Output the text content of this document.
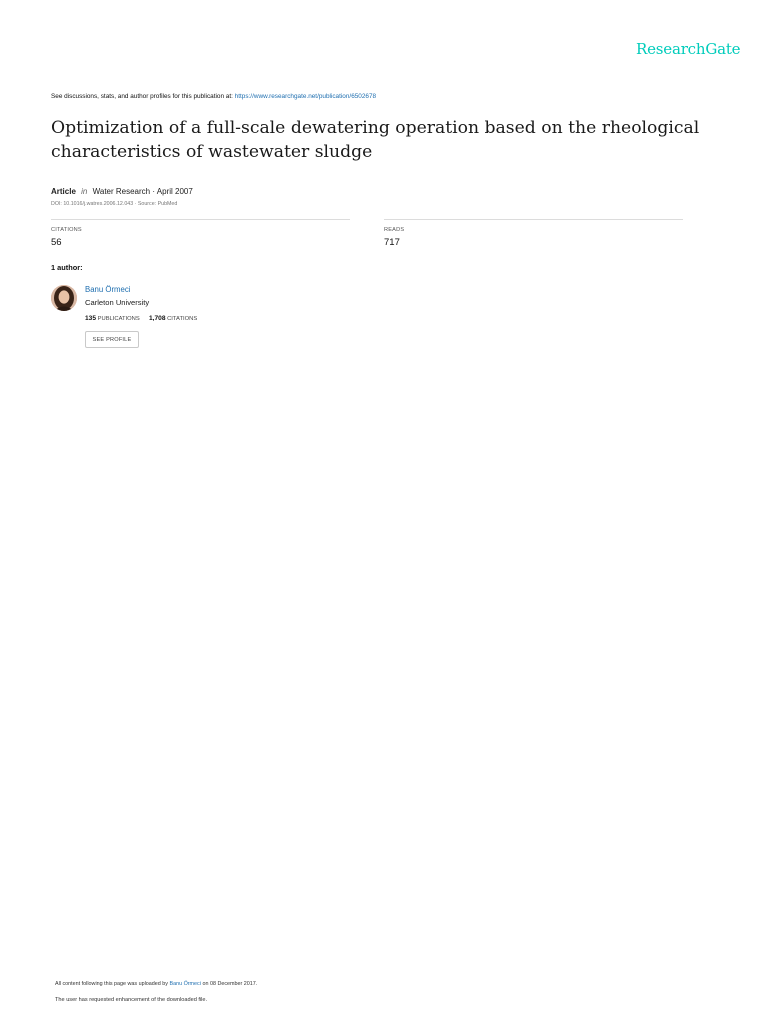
ResearchGate
See discussions, stats, and author profiles for this publication at: https://www.researchgate.net/publication/6502678
Optimization of a full-scale dewatering operation based on the rheological characteristics of wastewater sludge
Article in Water Research · April 2007
DOI: 10.1016/j.watres.2006.12.043 · Source: PubMed
CITATIONS
56
READS
717
1 author:
Banu Örmeci
Carleton University
135 PUBLICATIONS 1,708 CITATIONS
SEE PROFILE
All content following this page was uploaded by Banu Örmeci on 08 December 2017.
The user has requested enhancement of the downloaded file.
